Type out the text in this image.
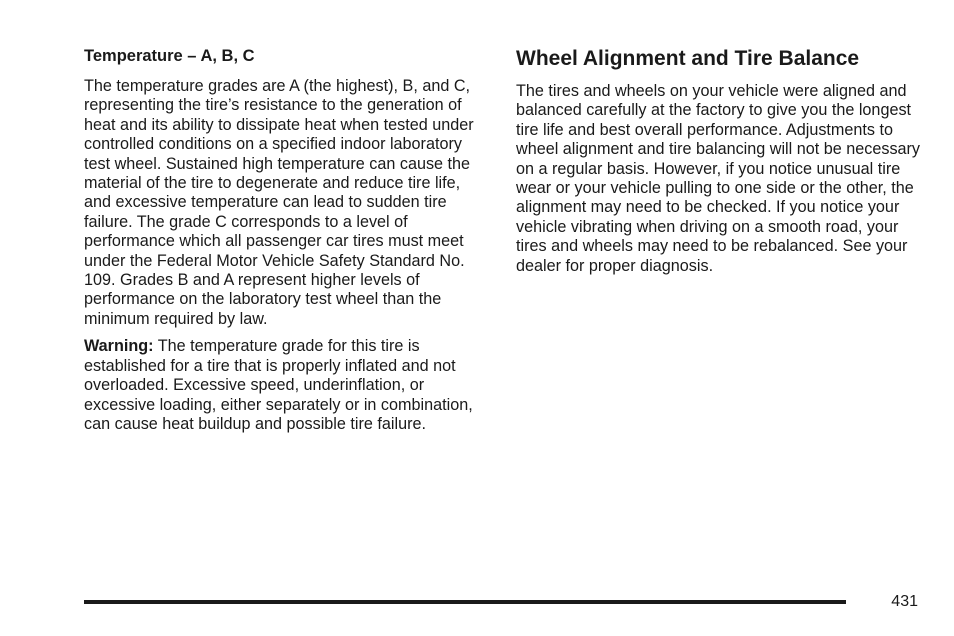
Temperature – A, B, C

The temperature grades are A (the highest), B, and C, representing the tire’s resistance to the generation of heat and its ability to dissipate heat when tested under controlled conditions on a specified indoor laboratory test wheel. Sustained high temperature can cause the material of the tire to degenerate and reduce tire life, and excessive temperature can lead to sudden tire failure. The grade C corresponds to a level of performance which all passenger car tires must meet under the Federal Motor Vehicle Safety Standard No. 109. Grades B and A represent higher levels of performance on the laboratory test wheel than the minimum required by law.

Warning: The temperature grade for this tire is established for a tire that is properly inflated and not overloaded. Excessive speed, underinflation, or excessive loading, either separately or in combination, can cause heat buildup and possible tire failure.

Wheel Alignment and Tire Balance

The tires and wheels on your vehicle were aligned and balanced carefully at the factory to give you the longest tire life and best overall performance. Adjustments to wheel alignment and tire balancing will not be necessary on a regular basis. However, if you notice unusual tire wear or your vehicle pulling to one side or the other, the alignment may need to be checked. If you notice your vehicle vibrating when driving on a smooth road, your tires and wheels may need to be rebalanced. See your dealer for proper diagnosis.

431
